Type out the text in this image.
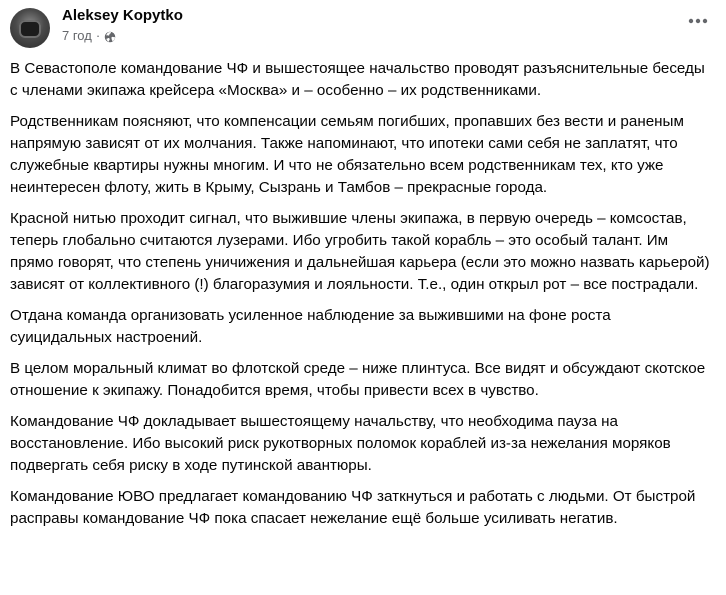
Aleksey Kopytko
7 год ·

В Севастополе командование ЧФ и вышестоящее начальство проводят разъяснительные беседы с членами экипажа крейсера «Москва» и – особенно – их родственниками.

Родственникам поясняют, что компенсации семьям погибших, пропавших без вести и раненым напрямую зависят от их молчания. Также напоминают, что ипотеки сами себя не заплатят, что служебные квартиры нужны многим. И что не обязательно всем родственникам тех, кто уже неинтересен флоту, жить в Крыму, Сызрань и Тамбов – прекрасные города.

Красной нитью проходит сигнал, что выжившие члены экипажа, в первую очередь – комсостав, теперь глобально считаются лузерами. Ибо угробить такой корабль – это особый талант. Им прямо говорят, что степень уничижения и дальнейшая карьера (если это можно назвать карьерой) зависят от коллективного (!) благоразумия и лояльности. Т.е., один открыл рот – все пострадали.

Отдана команда организовать усиленное наблюдение за выжившими на фоне роста суицидальных настроений.

В целом моральный климат во флотской среде – ниже плинтуса. Все видят и обсуждают скотское отношение к экипажу. Понадобится время, чтобы привести всех в чувство.

Командование ЧФ докладывает вышестоящему начальству, что необходима пауза на восстановление. Ибо высокий риск рукотворных поломок кораблей из-за нежелания моряков подвергать себя риску в ходе путинской авантюры.

Командование ЮВО предлагает командованию ЧФ заткнуться и работать с людьми. От быстрой расправы командование ЧФ пока спасает нежелание ещё больше усиливать негатив.
